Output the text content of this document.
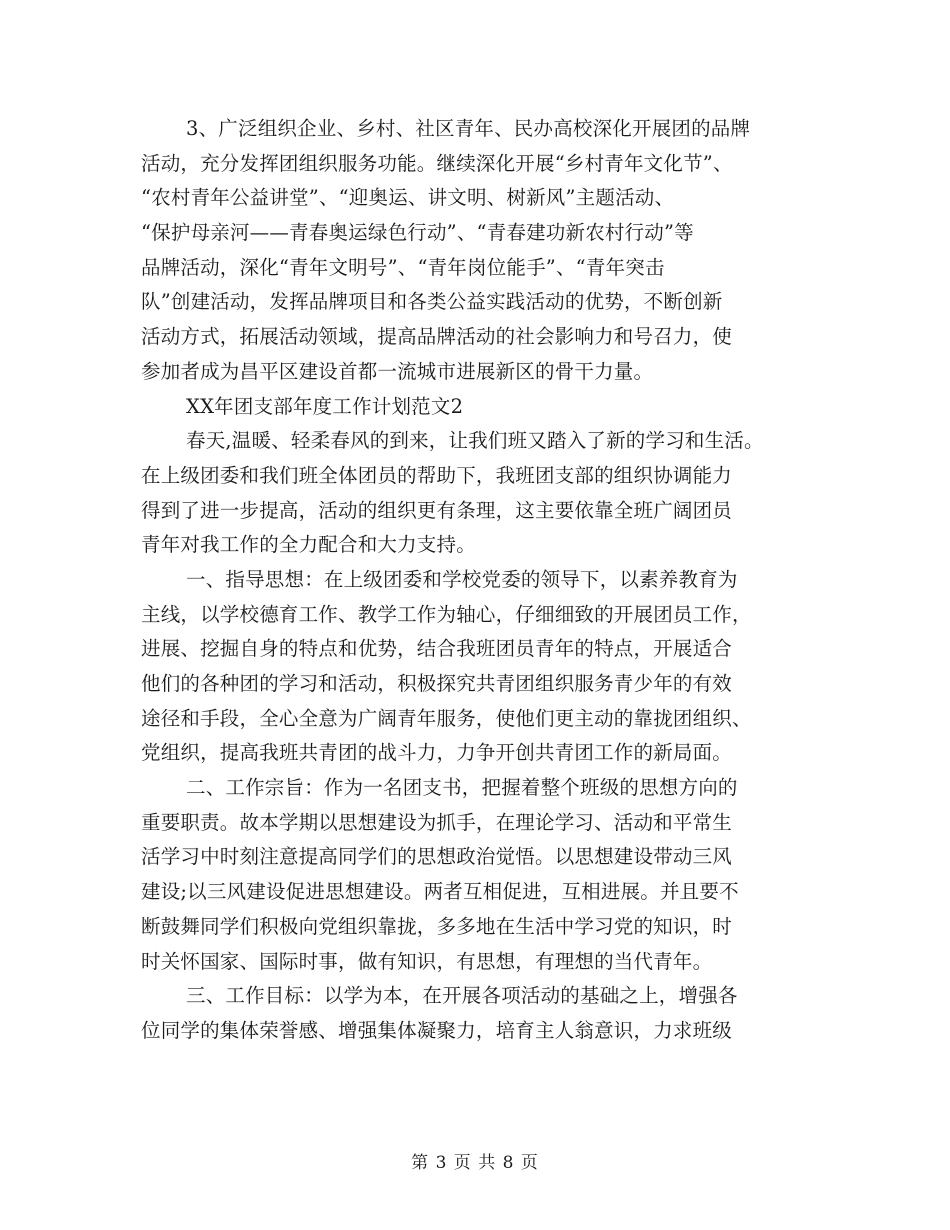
3、广泛组织企业、乡村、社区青年、民办高校深化开展团的品牌
活动，充分发挥团组织服务功能。继续深化开展“乡村青年文化节”、
“农村青年公益讲堂”、“迎奥运、讲文明、树新风”主题活动、
“保护母亲河——青春奥运绿色行动”、“青春建功新农村行动”等
品牌活动，深化“青年文明号”、“青年岗位能手”、“青年突击
队”创建活动，发挥品牌项目和各类公益实践活动的优势，不断创新
活动方式，拓展活动领域，提高品牌活动的社会影响力和号召力，使
参加者成为昌平区建设首都一流城市进展新区的骨干力量。
XX年团支部年度工作计划范文2
春天,温暖、轻柔春风的到来，让我们班又踏入了新的学习和生活。
在上级团委和我们班全体团员的帮助下，我班团支部的组织协调能力
得到了进一步提高，活动的组织更有条理，这主要依靠全班广阔团员
青年对我工作的全力配合和大力支持。
一、指导思想：在上级团委和学校党委的领导下，以素养教育为
主线，以学校德育工作、教学工作为轴心，仔细细致的开展团员工作，
进展、挖掘自身的特点和优势，结合我班团员青年的特点，开展适合
他们的各种团的学习和活动，积极探究共青团组织服务青少年的有效
途径和手段，全心全意为广阔青年服务，使他们更主动的靠拢团组织、
党组织，提高我班共青团的战斗力，力争开创共青团工作的新局面。
二、工作宗旨：作为一名团支书，把握着整个班级的思想方向的
重要职责。故本学期以思想建设为抓手，在理论学习、活动和平常生
活学习中时刻注意提高同学们的思想政治觉悟。以思想建设带动三风
建设;以三风建设促进思想建设。两者互相促进，互相进展。并且要不
断鼓舞同学们积极向党组织靠拢，多多地在生活中学习党的知识，时
时关怀国家、国际时事，做有知识，有思想，有理想的当代青年。
三、工作目标：以学为本，在开展各项活动的基础之上，增强各
位同学的集体荣誉感、增强集体凝聚力，培育主人翁意识，力求班级
第 3 页 共 8 页
